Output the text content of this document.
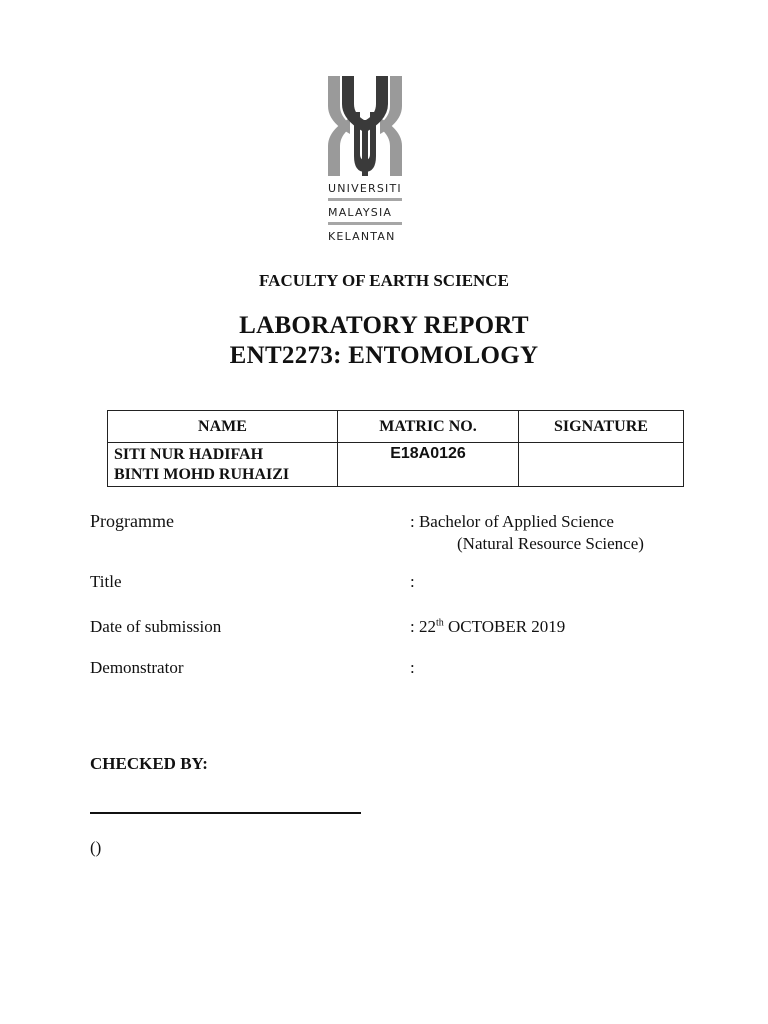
UNIVERSITI
MALAYSIA
KELANTAN
FACULTY OF EARTH SCIENCE
LABORATORY REPORT
ENT2273: ENTOMOLOGY
NAME	MATRIC NO.	SIGNATURE

SITI NUR HADIFAH
BINTI MOHD RUHAIZI	E18A0126	
Programme	: Bachelor of Applied Science
(Natural Resource Science)
Title	:
Date of submission	: 22th OCTOBER 2019
Demonstrator	:
CHECKED BY:
()
